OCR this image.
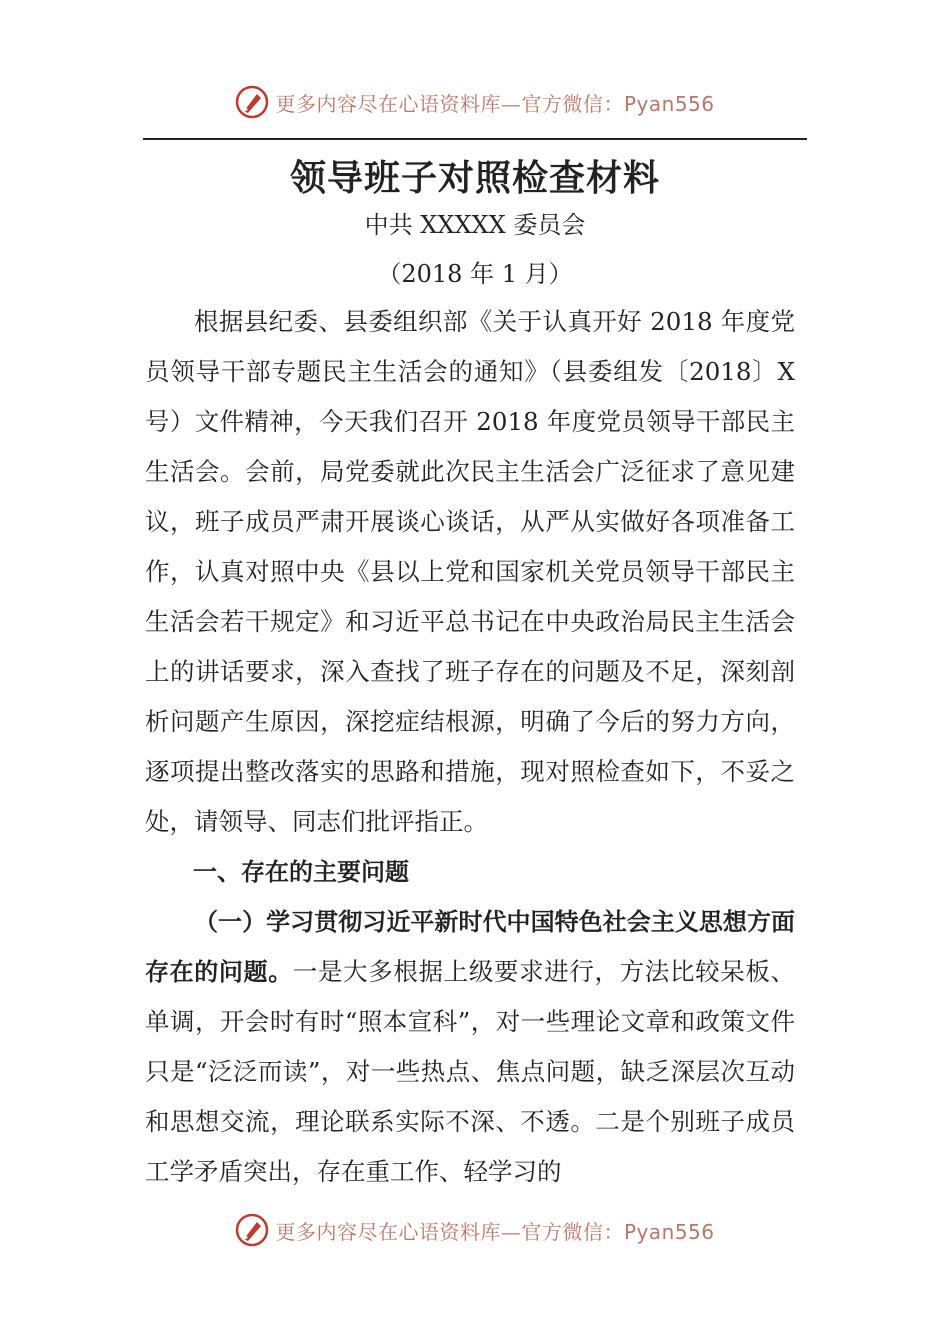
更多内容尽在心语资料库—官方微信：Pyan556
领导班子对照检查材料
中共 XXXXX 委员会
（2018 年 1 月）

根据县纪委、县委组织部《关于认真开好 2018 年度党员领导干部专题民主生活会的通知》（县委组发〔2018〕X 号）文件精神，今天我们召开 2018 年度党员领导干部民主生活会。会前，局党委就此次民主生活会广泛征求了意见建议，班子成员严肃开展谈心谈话，从严从实做好各项准备工作，认真对照中央《县以上党和国家机关党员领导干部民主生活会若干规定》和习近平总书记在中央政治局民主生活会上的讲话要求，深入查找了班子存在的问题及不足，深刻剖析问题产生原因，深挖症结根源，明确了今后的努力方向，逐项提出整改落实的思路和措施，现对照检查如下，不妥之处，请领导、同志们批评指正。

一、存在的主要问题

（一）学习贯彻习近平新时代中国特色社会主义思想方面存在的问题。一是大多根据上级要求进行，方法比较呆板、单调，开会时有时“照本宣科”，对一些理论文章和政策文件只是“泛泛而读”，对一些热点、焦点问题，缺乏深层次互动和思想交流，理论联系实际不深、不透。二是个别班子成员工学矛盾突出，存在重工作、轻学习的

更多内容尽在心语资料库—官方微信：Pyan556
